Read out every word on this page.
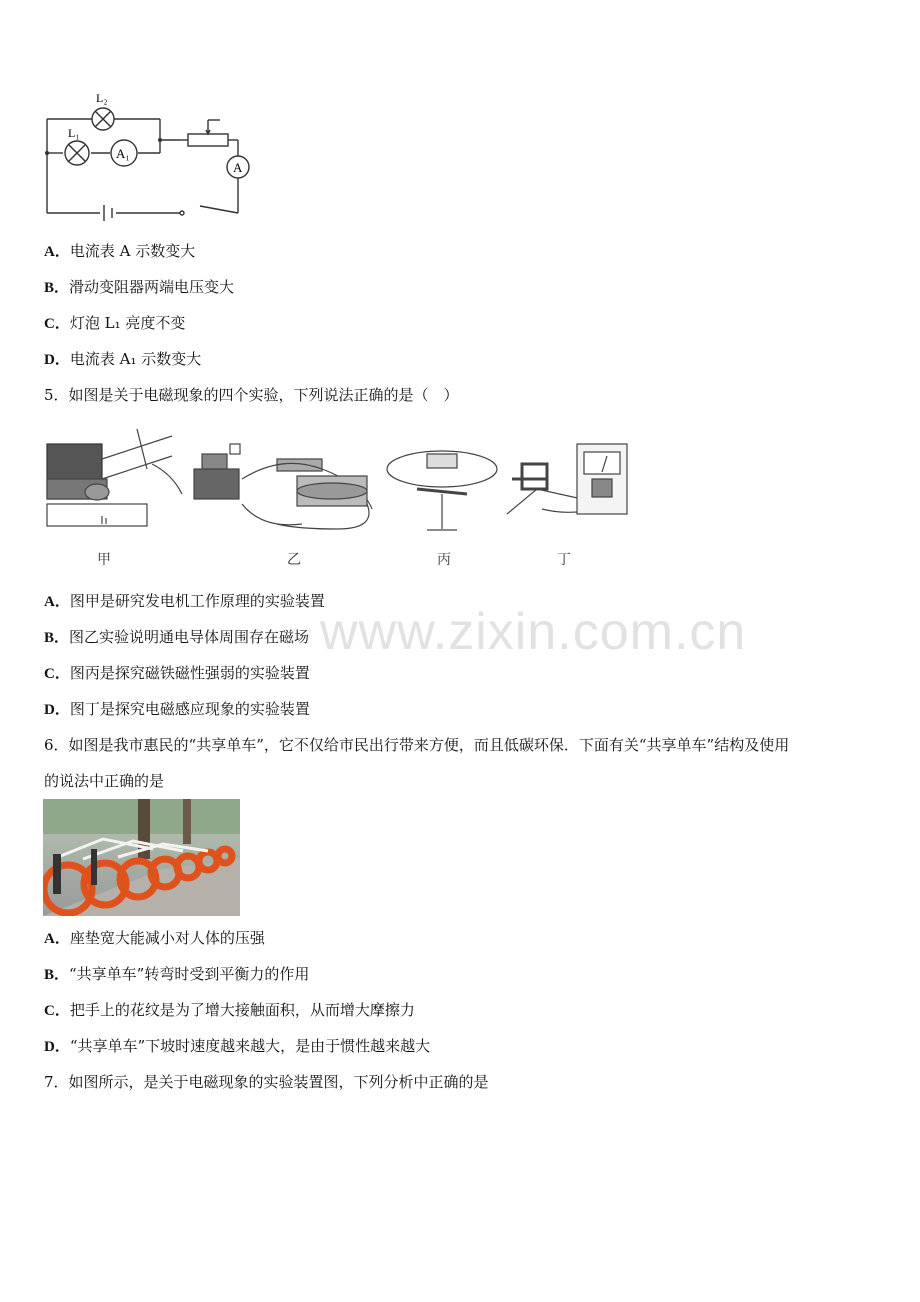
www.zixin.com.cn
L₂
L₁
A₁
A
A．电流表 A 示数变大
B．滑动变阻器两端电压变大
C．灯泡 L₁ 亮度不变
D．电流表 A₁ 示数变大
5．如图是关于电磁现象的四个实验，下列说法正确的是（　）
甲	乙	丙	丁
A．图甲是研究发电机工作原理的实验装置
B．图乙实验说明通电导体周围存在磁场
C．图丙是探究磁铁磁性强弱的实验装置
D．图丁是探究电磁感应现象的实验装置
6．如图是我市惠民的“共享单车”，它不仅给市民出行带来方便，而且低碳环保．下面有关“共享单车”结构及使用
的说法中正确的是
A．座垫宽大能减小对人体的压强
B．“共享单车”转弯时受到平衡力的作用
C．把手上的花纹是为了增大接触面积，从而增大摩擦力
D．“共享单车”下坡时速度越来越大，是由于惯性越来越大
7．如图所示，是关于电磁现象的实验装置图，下列分析中正确的是
